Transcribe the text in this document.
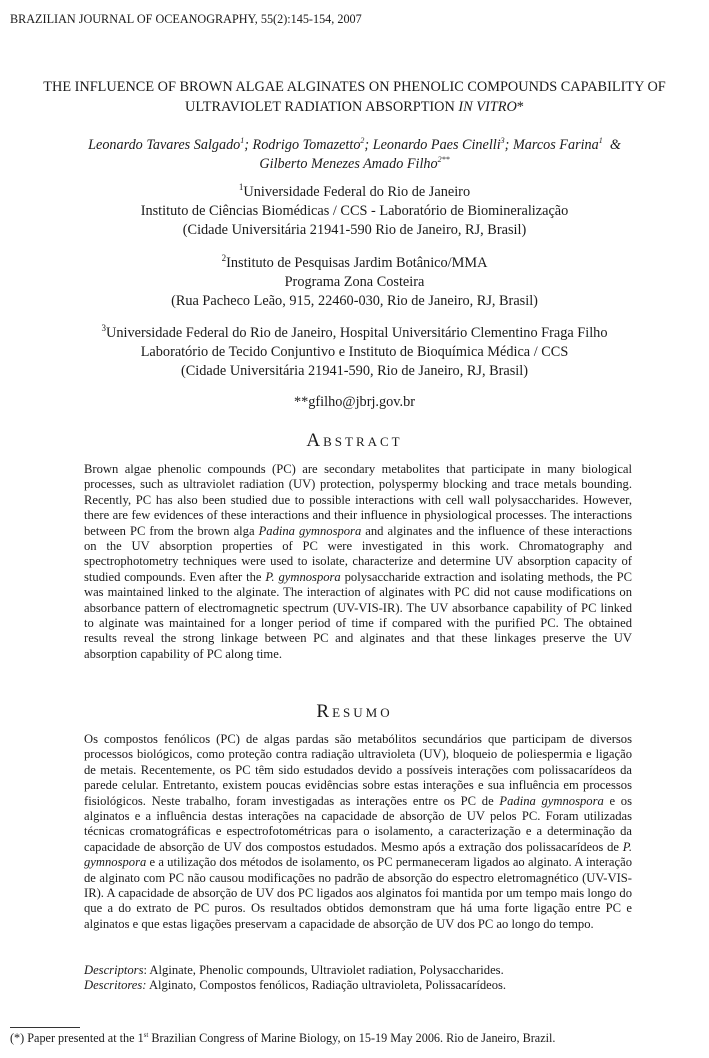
BRAZILIAN JOURNAL OF OCEANOGRAPHY, 55(2):145-154, 2007
THE INFLUENCE OF BROWN ALGAE ALGINATES ON PHENOLIC COMPOUNDS CAPABILITY OF
ULTRAVIOLET RADIATION ABSORPTION IN VITRO*
Leonardo Tavares Salgado$^1$; Rodrigo Tomazetto$^2$; Leonardo Paes Cinelli$^3$; Marcos Farina$^1$  &
Gilberto Menezes Amado Filho$^{2**}$
$^1$Universidade Federal do Rio de Janeiro
Instituto de Ciências Biomédicas / CCS - Laboratório de Biomineralização
(Cidade Universitária 21941-590 Rio de Janeiro, RJ, Brasil)
$^2$Instituto de Pesquisas Jardim Botânico/MMA
Programa Zona Costeira
(Rua Pacheco Leão, 915, 22460-030, Rio de Janeiro, RJ, Brasil)
$^3$Universidade Federal do Rio de Janeiro, Hospital Universitário Clementino Fraga Filho
Laboratório de Tecido Conjuntivo e Instituto de Bioquímica Médica / CCS
(Cidade Universitária 21941-590, Rio de Janeiro, RJ, Brasil)
**gfilho@jbrj.gov.br
Abstract
Brown algae phenolic compounds (PC) are secondary metabolites that participate in many biological processes, such as ultraviolet radiation (UV) protection, polyspermy blocking and trace metals bounding. Recently, PC has also been studied due to possible interactions with cell wall polysaccharides. However, there are few evidences of these interactions and their influence in physiological processes. The interactions between PC from the brown alga Padina gymnospora and alginates and the influence of these interactions on the UV absorption properties of PC were investigated in this work. Chromatography and spectrophotometry techniques were used to isolate, characterize and determine UV absorption capacity of studied compounds. Even after the P. gymnospora polysaccharide extraction and isolating methods, the PC was maintained linked to the alginate. The interaction of alginates with PC did not cause modifications on absorbance pattern of electromagnetic spectrum (UV-VIS-IR). The UV absorbance capability of PC linked to alginate was maintained for a longer period of time if compared with the purified PC. The obtained results reveal the strong linkage between PC and alginates and that these linkages preserve the UV absorption capability of PC along time.
Resumo
Os compostos fenólicos (PC) de algas pardas são metabólitos secundários que participam de diversos processos biológicos, como proteção contra radiação ultravioleta (UV), bloqueio de poliespermia e ligação de metais. Recentemente, os PC têm sido estudados devido a possíveis interações com polissacarídeos da parede celular. Entretanto, existem poucas evidências sobre estas interações e sua influência em processos fisiológicos. Neste trabalho, foram investigadas as interações entre os PC de Padina gymnospora e os alginatos e a influência destas interações na capacidade de absorção de UV pelos PC. Foram utilizadas técnicas cromatográficas e espectrofotométricas para o isolamento, a caracterização e a determinação da capacidade de absorção de UV dos compostos estudados. Mesmo após a extração dos polissacarídeos de P. gymnospora e a utilização dos métodos de isolamento, os PC permaneceram ligados ao alginato. A interação de alginato com PC não causou modificações no padrão de absorção do espectro eletromagnético (UV-VIS-IR). A capacidade de absorção de UV dos PC ligados aos alginatos foi mantida por um tempo mais longo do que a do extrato de PC puros. Os resultados obtidos demonstram que há uma forte ligação entre PC e alginatos e que estas ligações preservam a capacidade de absorção de UV dos PC ao longo do tempo.
Descriptors: Alginate, Phenolic compounds, Ultraviolet radiation, Polysaccharides.
Descritores: Alginato, Compostos fenólicos, Radiação ultravioleta, Polissacarídeos.
(*) Paper presented at the 1st Brazilian Congress of Marine Biology, on 15-19 May 2006. Rio de Janeiro, Brazil.
